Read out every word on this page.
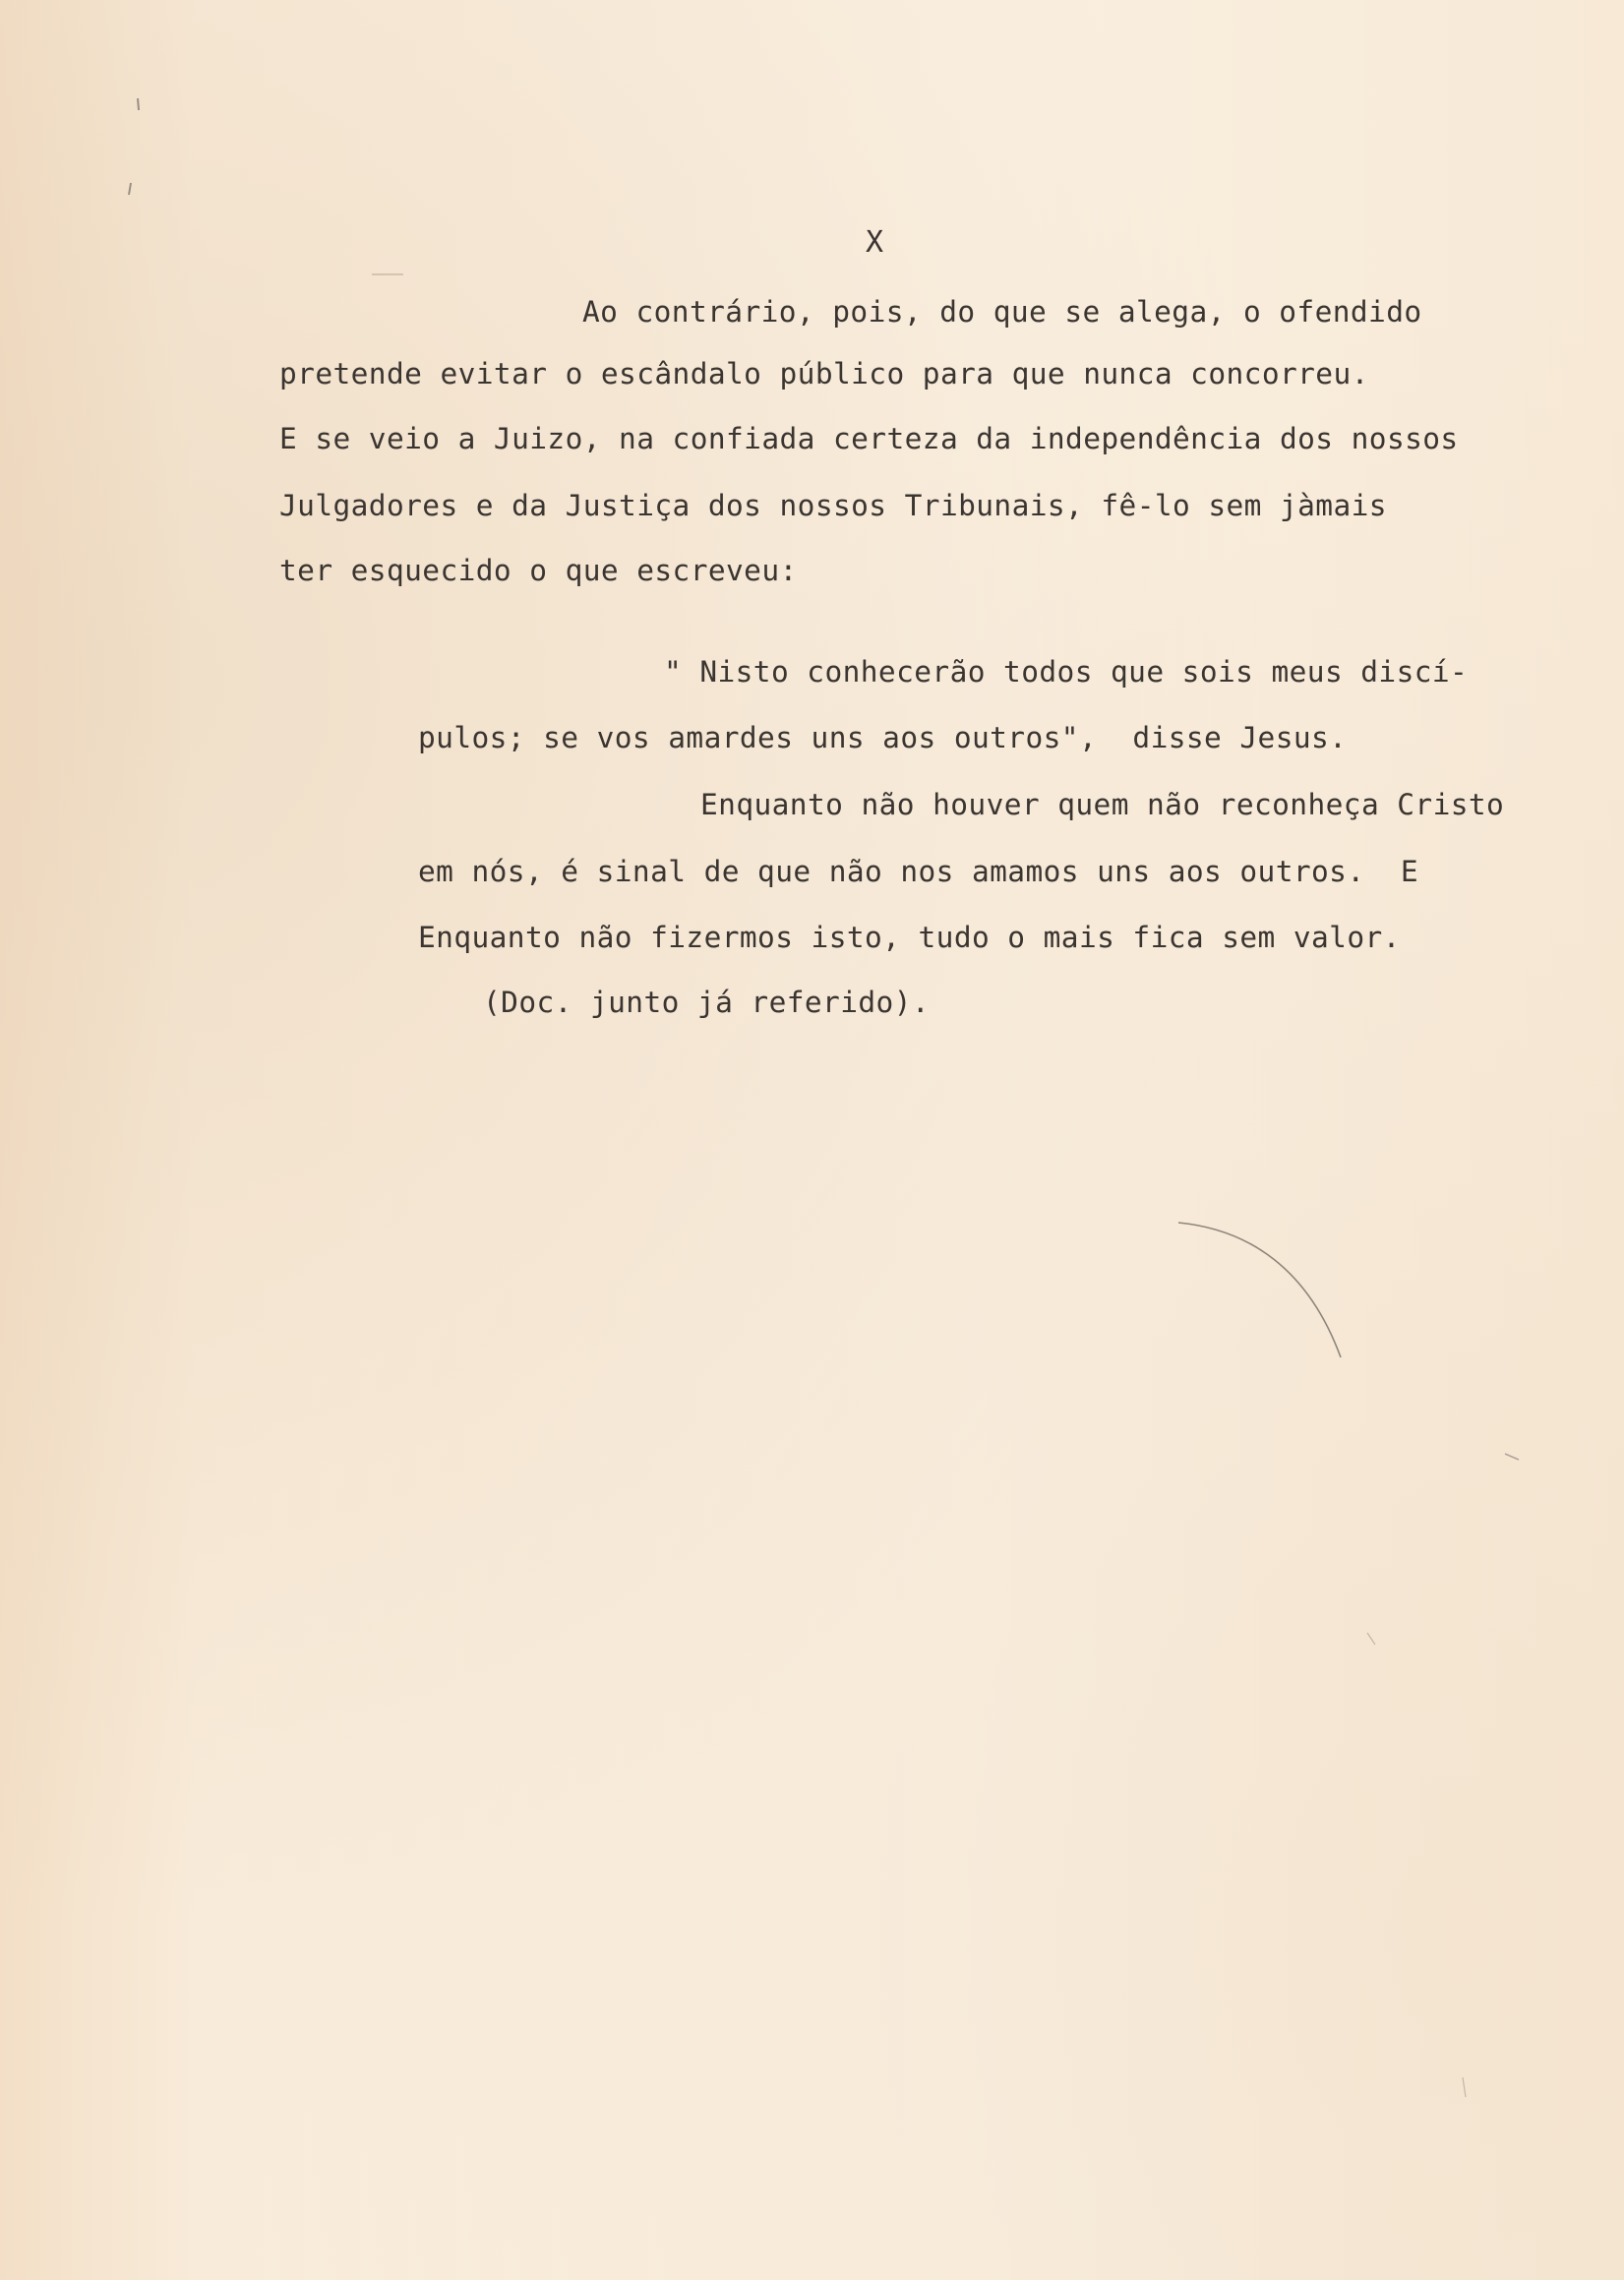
X
Ao contrário, pois, do que se alega, o ofendido
pretende evitar o escândalo público para que nunca concorreu.
E se veio a Juizo, na confiada certeza da independência dos nossos
Julgadores e da Justiça dos nossos Tribunais, fê-lo sem jàmais
ter esquecido o que escreveu:
" Nisto conhecerão todos que sois meus discí-
pulos; se vos amardes uns aos outros",  disse Jesus.
Enquanto não houver quem não reconheça Cristo
em nós, é sinal de que não nos amamos uns aos outros.  E
Enquanto não fizermos isto, tudo o mais fica sem valor.
(Doc. junto já referido).
